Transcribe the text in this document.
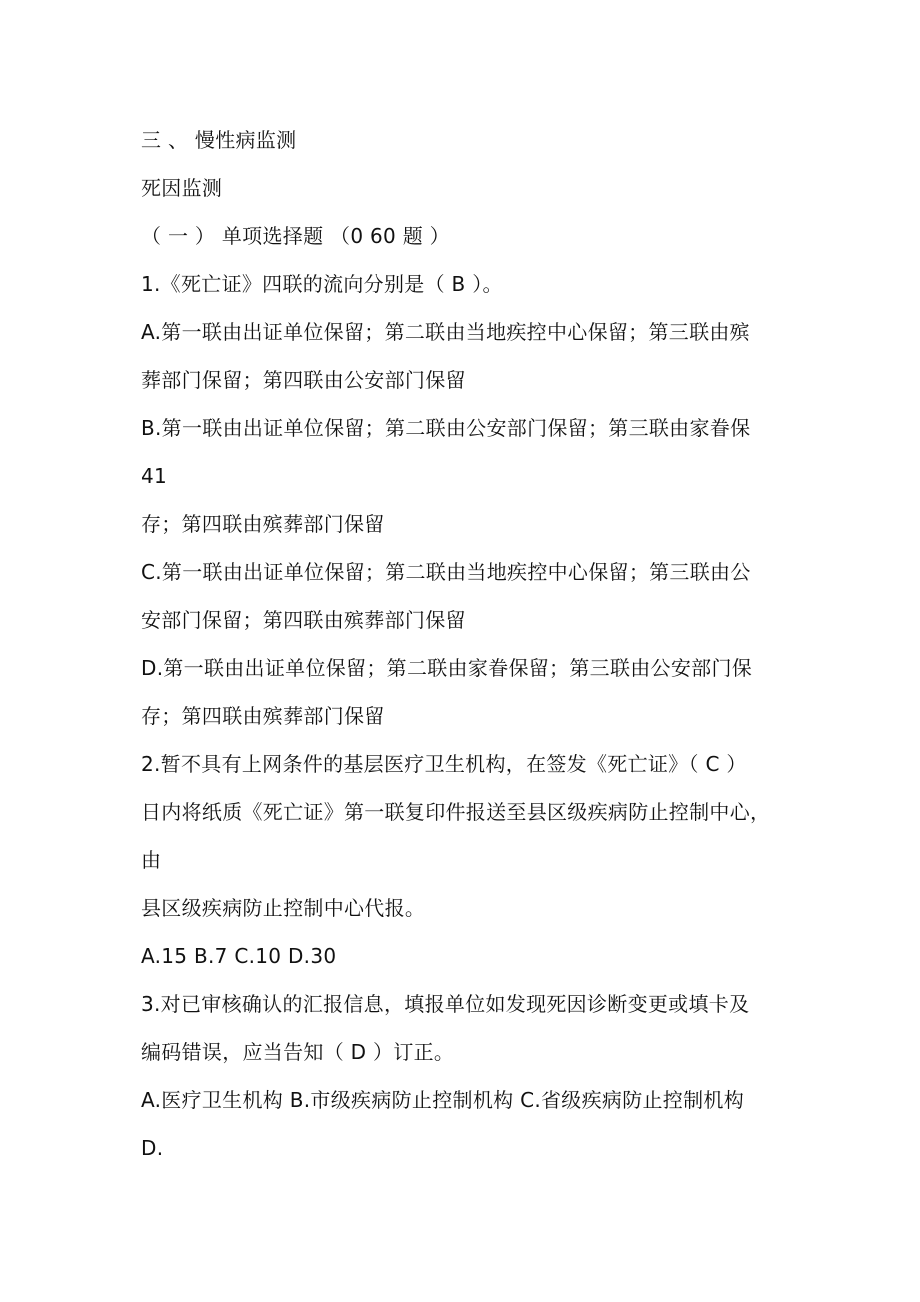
三 、 慢性病监测
死因监测
（ 一 ） 单项选择题 （0 60 题 ）
1.《死亡证》四联的流向分别是（ B ）。
A.第一联由出证单位保留；第二联由当地疾控中心保留；第三联由殡
葬部门保留；第四联由公安部门保留
B.第一联由出证单位保留；第二联由公安部门保留；第三联由家眷保
41
存；第四联由殡葬部门保留
C.第一联由出证单位保留；第二联由当地疾控中心保留；第三联由公
安部门保留；第四联由殡葬部门保留
D.第一联由出证单位保留；第二联由家眷保留；第三联由公安部门保
存；第四联由殡葬部门保留
2.暂不具有上网条件的基层医疗卫生机构，在签发《死亡证》（ C ）
日内将纸质《死亡证》第一联复印件报送至县区级疾病防止控制中心，
由
县区级疾病防止控制中心代报。
A.15 B.7 C.10 D.30
3.对已审核确认的汇报信息，填报单位如发现死因诊断变更或填卡及
编码错误，应当告知（ D ）订正。
A.医疗卫生机构 B.市级疾病防止控制机构 C.省级疾病防止控制机构
D.
